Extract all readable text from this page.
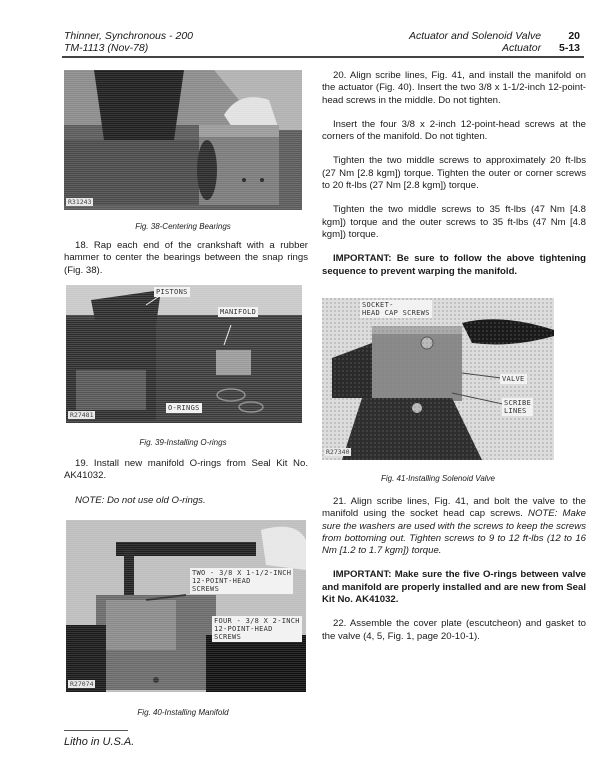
Thinner, Synchronous - 200
TM-1113 (Nov-78)
Actuator and Solenoid Valve	20
Actuator 5-13
R31243
Fig. 38-Centering Bearings

18. Rap each end of the crankshaft with a rubber hammer to center the bearings between the snap rings (Fig. 38).

PISTONS
MANIFOLD
O-RINGS
R27481
Fig. 39-Installing O-rings

19. Install new manifold O-rings from Seal Kit No. AK41032.

NOTE: Do not use old O-rings.

TWO - 3/8 X 1-1/2-INCH
12-POINT-HEAD
SCREWS
FOUR - 3/8 X 2-INCH
12-POINT-HEAD
SCREWS
R27074
Fig. 40-Installing Manifold

20. Align scribe lines, Fig. 41, and install the manifold on the actuator (Fig. 40). Insert the two 3/8 x 1-1/2-inch 12-point-head screws in the middle. Do not tighten.

Insert the four 3/8 x 2-inch 12-point-head screws at the corners of the manifold. Do not tighten.

Tighten the two middle screws to approximately 20 ft-lbs (27 Nm [2.8 kgm]) torque. Tighten the outer or corner screws to 20 ft-lbs (27 Nm [2.8 kgm]) torque.

Tighten the two middle screws to 35 ft-lbs (47 Nm [4.8 kgm]) torque and the outer screws to 35 ft-lbs (47 Nm [4.8 kgm]) torque.

IMPORTANT: Be sure to follow the above tightening sequence to prevent warping the manifold.

SOCKET-
HEAD CAP SCREWS
VALVE
SCRIBE
LINES
R27340
Fig. 41-Installing Solenoid Valve

21. Align scribe lines, Fig. 41, and bolt the valve to the manifold using the socket head cap screws. NOTE: Make sure the washers are used with the screws to keep the screws from bottoming out. Tighten screws to 9 to 12 ft-lbs (12 to 16 Nm [1.2 to 1.7 kgm]) torque.

IMPORTANT: Make sure the five O-rings between valve and manifold are properly installed and are new from Seal Kit No. AK41032.

22. Assemble the cover plate (escutcheon) and gasket to the valve (4, 5, Fig. 1, page 20-10-1).

Litho in U.S.A.
